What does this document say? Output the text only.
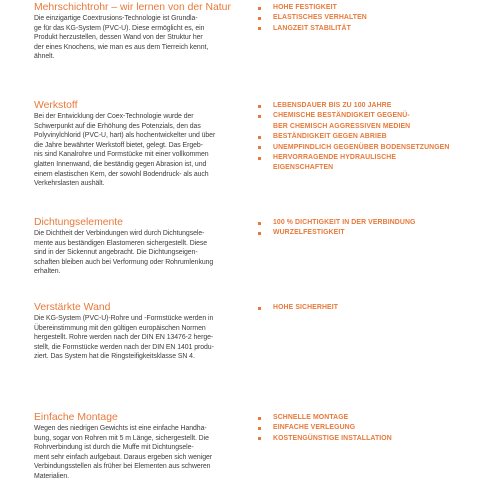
Mehrschichtrohr – wir lernen von der Natur
Die einzigartige Coextrusions-Technologie ist Grundla-
ge für das KG-System (PVC-U). Diese ermöglicht es, ein
Produkt herzustellen, dessen Wand von der Struktur her
der eines Knochens, wie man es aus dem Tierreich kennt,
ähnelt.
HOHE FESTIGKEIT
ELASTISCHES VERHALTEN
LANGZEIT STABILITÄT
Werkstoff
Bei der Entwicklung der Coex-Technologie wurde der
Schwerpunkt auf die Erhöhung des Potenzials, den das
Polyvinylchlorid (PVC-U, hart) als hochentwickelter und über
die Jahre bewährter Werkstoff bietet, gelegt. Das Ergeb-
nis sind Kanalrohre und Formstücke mit einer vollkommen
glatten Innenwand, die beständig gegen Abrasion ist, und
einem elastischen Kern, der sowohl Bodendruck- als auch
Verkehrslasten aushält.
LEBENSDAUER BIS ZU 100 JAHRE
CHEMISCHE BESTÄNDIGKEIT GEGENÜ-
BER CHEMISCH AGGRESSIVEN MEDIEN
BESTÄNDIGKEIT GEGEN ABRIEB
UNEMPFINDLICH GEGENÜBER BODENSETZUNGEN
HERVORRAGENDE HYDRAULISCHE
EIGENSCHAFTEN
Dichtungselemente
Die Dichtheit der Verbindungen wird durch Dichtungsele-
mente aus beständigen Elastomeren sichergestellt. Diese
sind in der Sickennut angebracht. Die Dichtungseigen-
schaften bleiben auch bei Verformung oder Rohrumlenkung
erhalten.
100 % DICHTIGKEIT IN DER VERBINDUNG
WURZELFESTIGKEIT
Verstärkte Wand
Die KG-System (PVC-U)-Rohre und -Formstücke werden in
Übereinstimmung mit den gültigen europäischen Normen
hergestellt. Rohre werden nach der DIN EN 13476-2 herge-
stellt, die Formstücke werden nach der DIN EN 1401 produ-
ziert. Das System hat die Ringsteifigkeitsklasse SN 4.
HOHE SICHERHEIT
Einfache Montage
Wegen des niedrigen Gewichts ist eine einfache Handha-
bung, sogar von Rohren mit 5 m Länge, sichergestellt. Die
Rohrverbindung ist durch die Muffe mit Dichtungsele-
ment sehr einfach aufgebaut. Daraus ergeben sich weniger
Verbindungsstellen als früher bei Elementen aus schweren
Materialien.
SCHNELLE MONTAGE
EINFACHE VERLEGUNG
KOSTENGÜNSTIGE INSTALLATION
